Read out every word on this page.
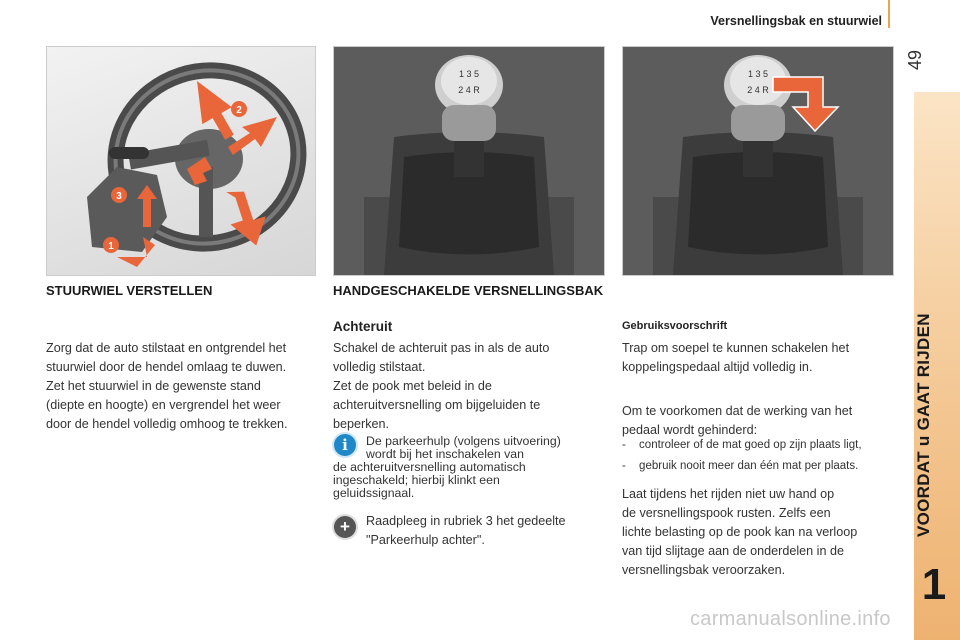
Versnellingsbak en stuurwiel
49
VOORDAT u GAAT RIJDEN
1
2
3
1
1 3 5
2 4 R
1 3 5
2 4 R
STUURWIEL VERSTELLEN	HANDGESCHAKELDE VERSNELLINGSBAK
Zorg dat de auto stilstaat en ontgrendel het
stuurwiel door de hendel omlaag te duwen.
Zet het stuurwiel in de gewenste stand
(diepte en hoogte) en vergrendel het weer
door de hendel volledig omhoog te trekken.
Achteruit
Schakel de achteruit pas in als de auto
volledig stilstaat.
Zet de pook met beleid in de
achteruitversnelling om bijgeluiden te
beperken.
i	De parkeerhulp (volgens uitvoering)
wordt bij het inschakelen van
de achteruitversnelling automatisch
ingeschakeld; hierbij klinkt een
geluidssignaal.
+	Raadpleeg in rubriek 3 het gedeelte
"Parkeerhulp achter".
Gebruiksvoorschrift
Trap om soepel te kunnen schakelen het
koppelingspedaal altijd volledig in.
Om te voorkomen dat de werking van het
pedaal wordt gehinderd:
- controleer of de mat goed op zijn plaats ligt,
- gebruik nooit meer dan één mat per plaats.
Laat tijdens het rijden niet uw hand op
de versnellingspook rusten. Zelfs een
lichte belasting op de pook kan na verloop
van tijd slijtage aan de onderdelen in de
versnellingsbak veroorzaken.
carmanualsonline.info
